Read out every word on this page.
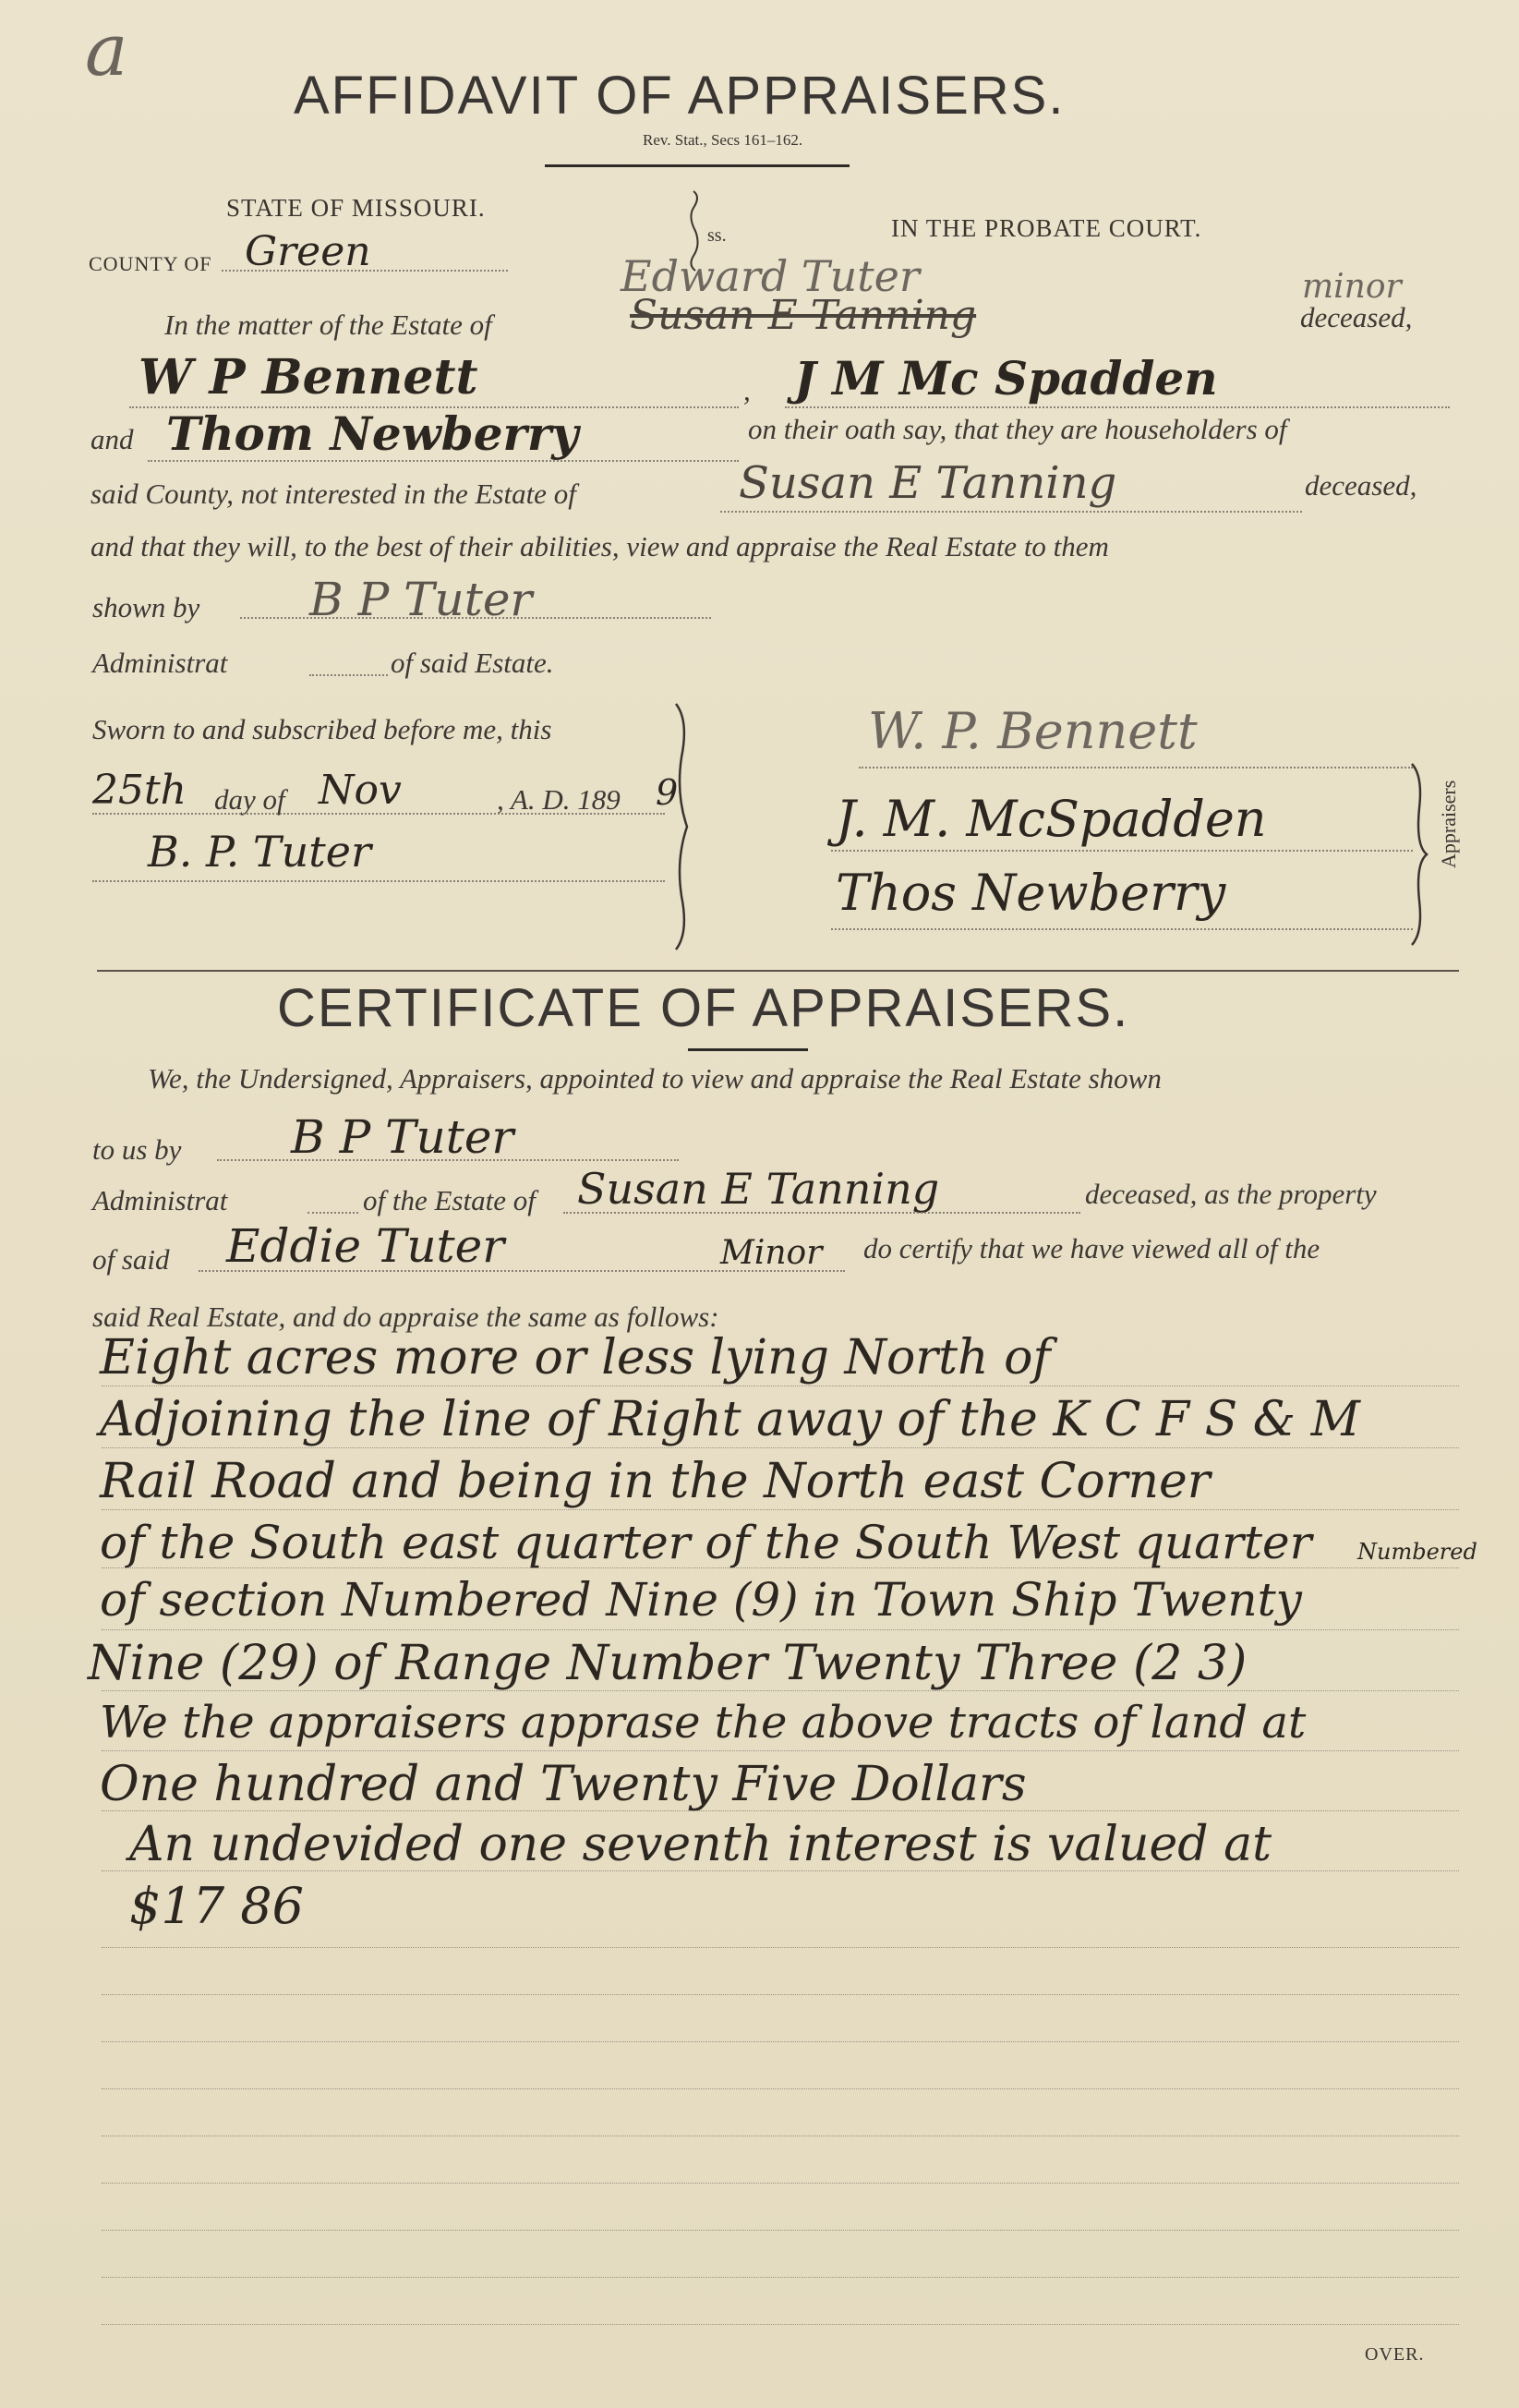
a
AFFIDAVIT OF APPRAISERS.
Rev. Stat., Secs 161–162.
STATE OF MISSOURI.
COUNTY OF Green	ss.	IN THE PROBATE COURT.
Edward Tuter	minor
In the matter of the Estate of	Susan E Tanning	deceased,
W P Bennett	, J M Mc Spadden
and Thom Newberry	on their oath say, that they are householders of
said County, not interested in the Estate of	Susan E Tanning	deceased,
and that they will, to the best of their abilities, view and appraise the Real Estate to them
shown by B P Tuter
Administrat	of said Estate.
Sworn to and subscribed before me, this
25th day of Nov	, A. D. 189 9
B. P. Tuter
W. P. Bennett
J. M. McSpadden
Thos Newberry
Appraisers
CERTIFICATE OF APPRAISERS.
We, the Undersigned, Appraisers, appointed to view and appraise the Real Estate shown
to us by B P Tuter
Administrat	of the Estate of Susan E Tanning	deceased, as the property
of said Eddie Tuter	Minor do certify that we have viewed all of the
said Real Estate, and do appraise the same as follows:
Eight acres more or less lying North of
Adjoining the line of Right away of the K C F S & M
Rail Road and being in the North east Corner
of the South east quarter of the South West quarter Numbered
of section Numbered Nine (9) in Town Ship Twenty
Nine (29) of Range Number Twenty Three (2 3)
We the appraisers apprase the above tracts of land at
One hundred and Twenty Five Dollars
An undevided one seventh interest is valued at
$17 86
OVER.
